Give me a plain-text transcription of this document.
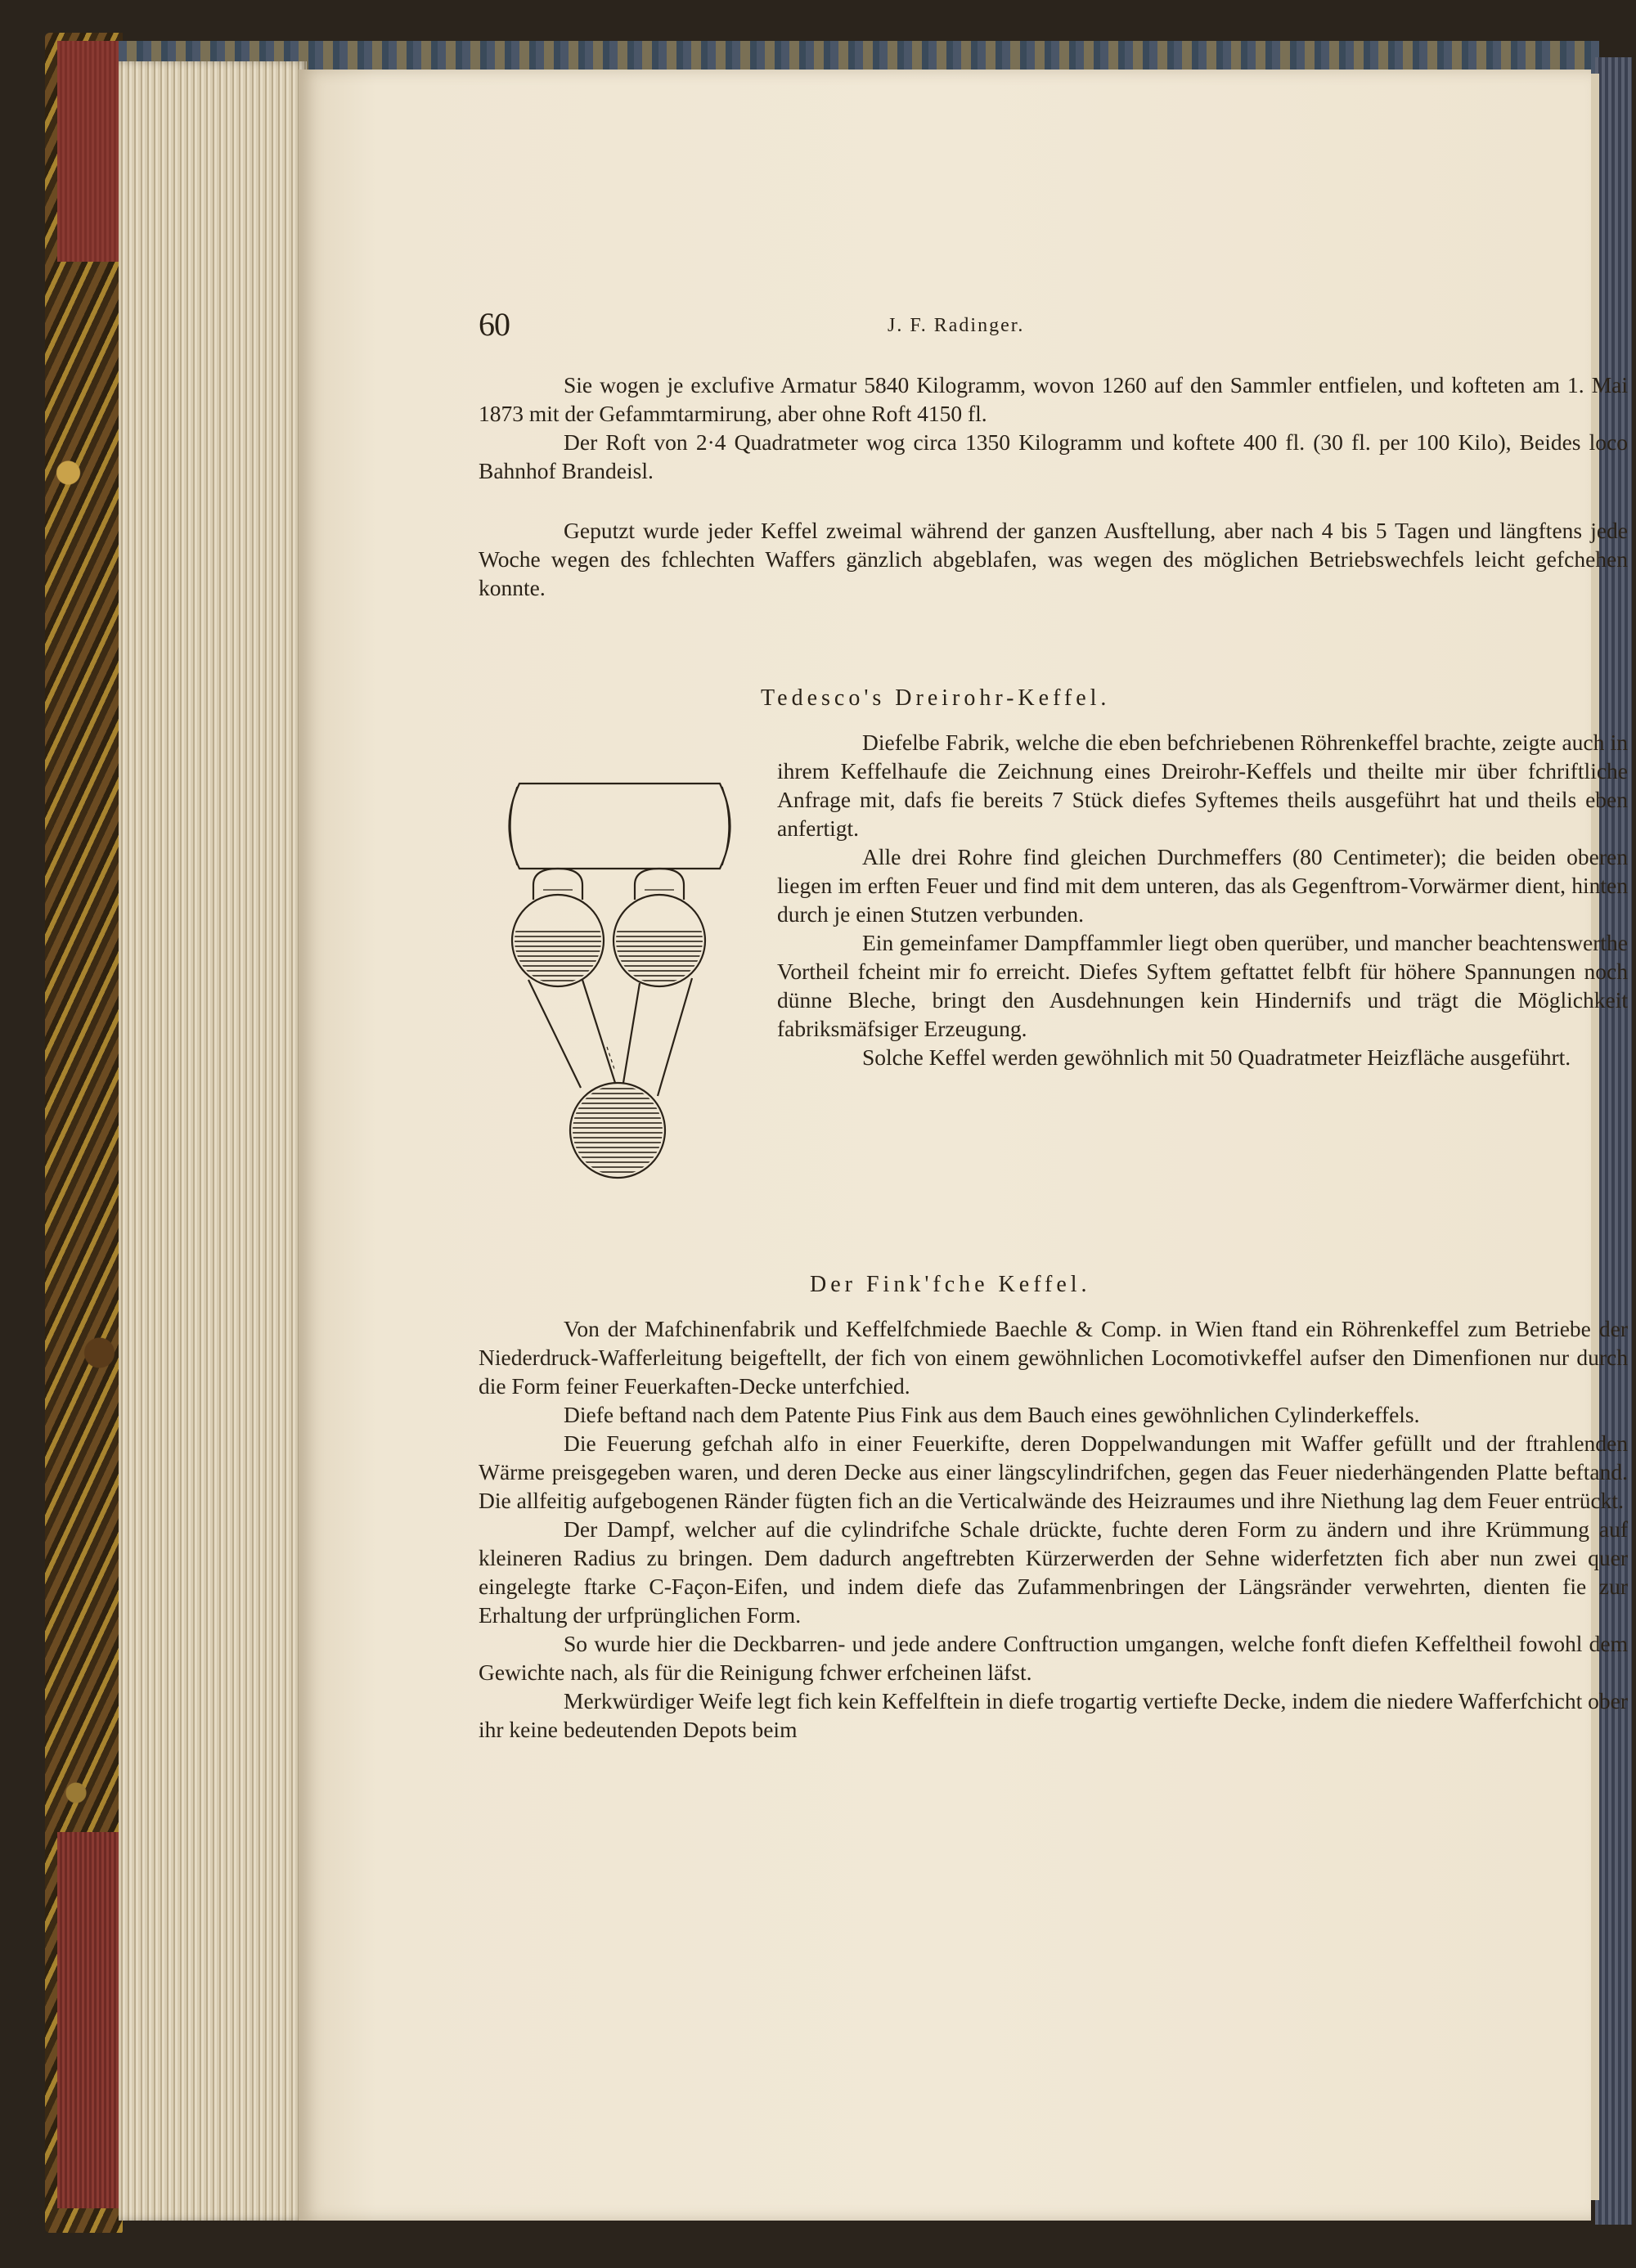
60	J. F. Radinger.

Sie wogen je exclufive Armatur 5840 Kilogramm, wovon 1260 auf den Sammler entfielen, und kofteten am 1. Mai 1873 mit der Gefammtarmirung, aber ohne Roft 4150 fl.

Der Roft von 2·4 Quadratmeter wog circa 1350 Kilogramm und koftete 400 fl. (30 fl. per 100 Kilo), Beides loco Bahnhof Brandeisl.

Geputzt wurde jeder Keffel zweimal während der ganzen Ausftellung, aber nach 4 bis 5 Tagen und längftens jede Woche wegen des fchlechten Waffers gänzlich abgeblafen, was wegen des möglichen Betriebswechfels leicht gefchehen konnte.

Tedesco's Dreirohr-Keffel.

Diefelbe Fabrik, welche die eben befchriebenen Röhrenkeffel brachte, zeigte auch in ihrem Keffelhaufe die Zeichnung eines Dreirohr-Keffels und theilte mir über fchriftliche Anfrage mit, dafs fie bereits 7 Stück diefes Syftemes theils ausgeführt hat und theils eben anfertigt.

Alle drei Rohre find gleichen Durchmeffers (80 Centimeter); die beiden oberen liegen im erften Feuer und find mit dem unteren, das als Gegenftrom-Vorwärmer dient, hinten durch je einen Stutzen verbunden.

Ein gemeinfamer Dampffammler liegt oben querüber, und mancher beachtenswerthe Vortheil fcheint mir fo erreicht. Diefes Syftem geftattet felbft für höhere Spannungen noch dünne Bleche, bringt den Ausdehnungen kein Hindernifs und trägt die Möglichkeit fabriksmäfsiger Erzeugung.

Solche Keffel werden gewöhnlich mit 50 Quadratmeter Heizfläche ausgeführt.

Der Fink'fche Keffel.

Von der Mafchinenfabrik und Keffelfchmiede Baechle & Comp. in Wien ftand ein Röhrenkeffel zum Betriebe der Niederdruck-Wafferleitung beigeftellt, der fich von einem gewöhnlichen Locomotivkeffel aufser den Dimenfionen nur durch die Form feiner Feuerkaften-Decke unterfchied.

Diefe beftand nach dem Patente Pius Fink aus dem Bauch eines gewöhnlichen Cylinderkeffels.

Die Feuerung gefchah alfo in einer Feuerkifte, deren Doppelwandungen mit Waffer gefüllt und der ftrahlenden Wärme preisgegeben waren, und deren Decke aus einer längscylindrifchen, gegen das Feuer niederhängenden Platte beftand. Die allfeitig aufgebogenen Ränder fügten fich an die Verticalwände des Heizraumes und ihre Niethung lag dem Feuer entrückt.

Der Dampf, welcher auf die cylindrifche Schale drückte, fuchte deren Form zu ändern und ihre Krümmung auf kleineren Radius zu bringen. Dem dadurch angeftrebten Kürzerwerden der Sehne widerfetzten fich aber nun zwei quer eingelegte ftarke C-Façon-Eifen, und indem diefe das Zufammenbringen der Längsränder verwehrten, dienten fie zur Erhaltung der urfprünglichen Form.

So wurde hier die Deckbarren- und jede andere Conftruction umgangen, welche fonft diefen Keffeltheil fowohl dem Gewichte nach, als für die Reinigung fchwer erfcheinen läfst.

Merkwürdiger Weife legt fich kein Keffelftein in diefe trogartig vertiefte Decke, indem die niedere Wafferfchicht ober ihr keine bedeutenden Depots beim
